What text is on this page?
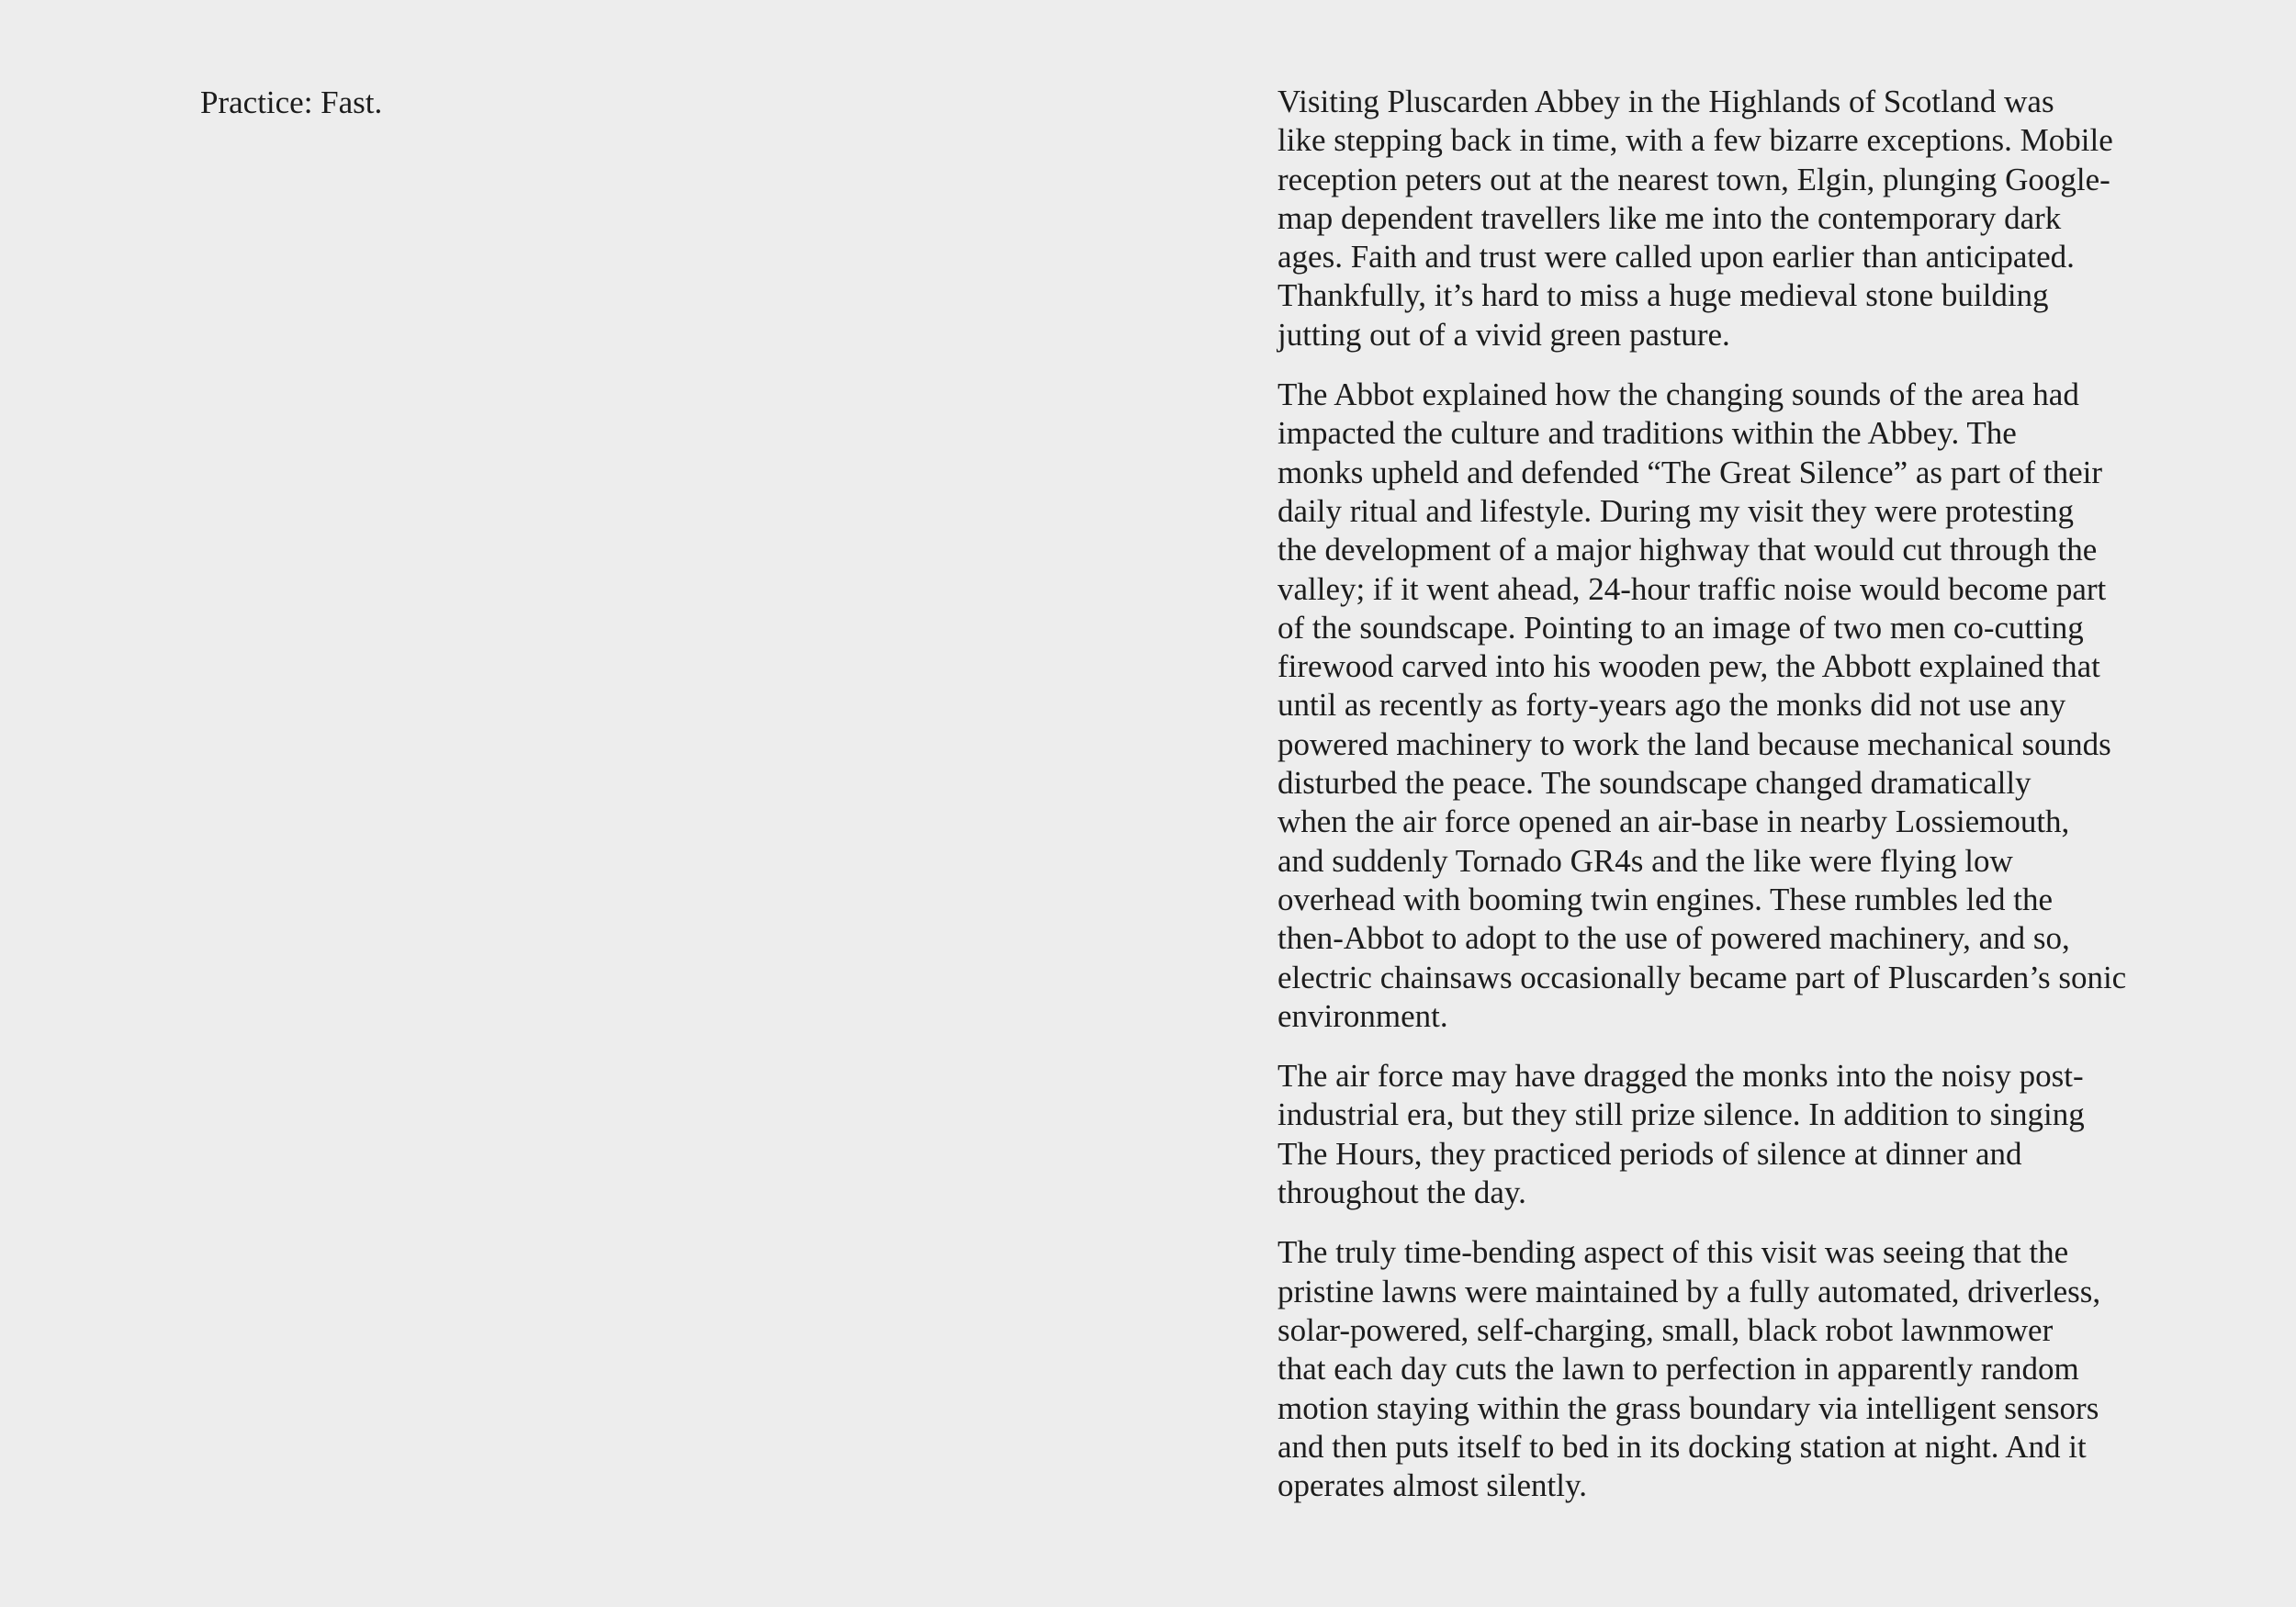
Practice: Fast.	Visiting Pluscarden Abbey in the Highlands of Scotland was
like stepping back in time, with a few bizarre exceptions. Mobile
reception peters out at the nearest town, Elgin, plunging Google-
map dependent travellers like me into the contemporary dark
ages. Faith and trust were called upon earlier than anticipated.
Thankfully, it’s hard to miss a huge medieval stone building
jutting out of a vivid green pasture.

The Abbot explained how the changing sounds of the area had
impacted the culture and traditions within the Abbey. The
monks upheld and defended “The Great Silence” as part of their
daily ritual and lifestyle. During my visit they were protesting
the development of a major highway that would cut through the
valley; if it went ahead, 24-hour traffic noise would become part
of the soundscape. Pointing to an image of two men co-cutting
firewood carved into his wooden pew, the Abbott explained that
until as recently as forty-years ago the monks did not use any
powered machinery to work the land because mechanical sounds
disturbed the peace. The soundscape changed dramatically
when the air force opened an air-base in nearby Lossiemouth,
and suddenly Tornado GR4s and the like were flying low
overhead with booming twin engines. These rumbles led the
then-Abbot to adopt to the use of powered machinery, and so,
electric chainsaws occasionally became part of Pluscarden’s sonic
environment.

The air force may have dragged the monks into the noisy post-
industrial era, but they still prize silence. In addition to singing
The Hours, they practiced periods of silence at dinner and
throughout the day.

The truly time-bending aspect of this visit was seeing that the
pristine lawns were maintained by a fully automated, driverless,
solar-powered, self-charging, small, black robot lawnmower
that each day cuts the lawn to perfection in apparently random
motion staying within the grass boundary via intelligent sensors
and then puts itself to bed in its docking station at night. And it
operates almost silently.
